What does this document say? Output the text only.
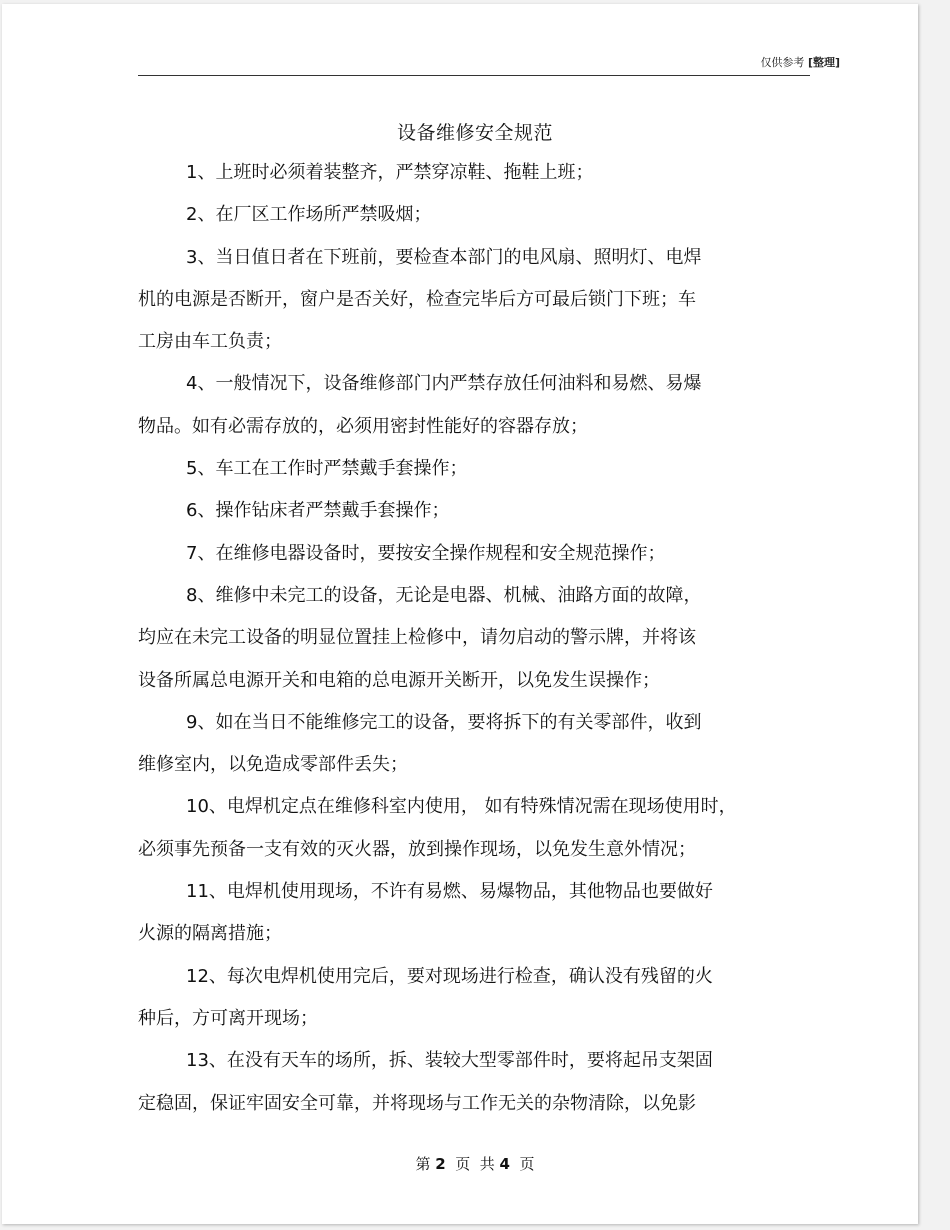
仅供参考 [整理]
设备维修安全规范
1、上班时必须着装整齐，严禁穿凉鞋、拖鞋上班；
2、在厂区工作场所严禁吸烟；
3、当日值日者在下班前，要检查本部门的电风扇、照明灯、电焊
机的电源是否断开，窗户是否关好，检查完毕后方可最后锁门下班；车
工房由车工负责；
4、一般情况下，设备维修部门内严禁存放任何油料和易燃、易爆
物品。如有必需存放的，必须用密封性能好的容器存放；
5、车工在工作时严禁戴手套操作；
6、操作钻床者严禁戴手套操作；
7、在维修电器设备时，要按安全操作规程和安全规范操作；
8、维修中未完工的设备，无论是电器、机械、油路方面的故障，
均应在未完工设备的明显位置挂上检修中，请勿启动的警示牌，并将该
设备所属总电源开关和电箱的总电源开关断开，以免发生误操作；
9、如在当日不能维修完工的设备，要将拆下的有关零部件，收到
维修室内，以免造成零部件丢失；
10、电焊机定点在维修科室内使用， 如有特殊情况需在现场使用时，
必须事先预备一支有效的灭火器，放到操作现场，以免发生意外情况；
11、电焊机使用现场，不许有易燃、易爆物品，其他物品也要做好
火源的隔离措施；
12、每次电焊机使用完后，要对现场进行检查，确认没有残留的火
种后，方可离开现场；
13、在没有天车的场所，拆、装较大型零部件时，要将起吊支架固
定稳固，保证牢固安全可靠，并将现场与工作无关的杂物清除，以免影
第 2 页  共 4 页
